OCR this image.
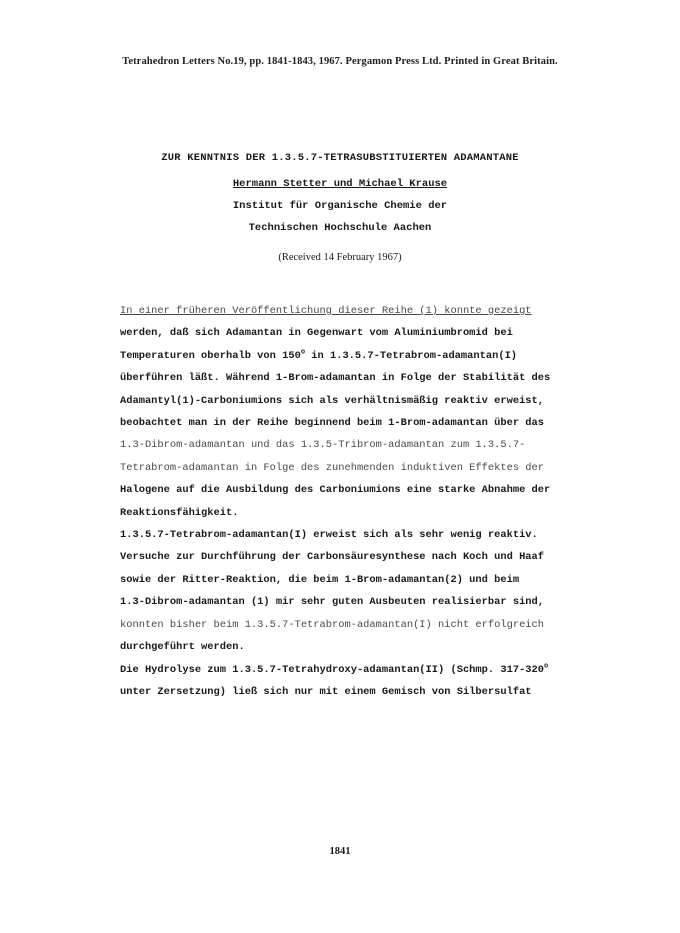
Tetrahedron Letters No.19, pp. 1841-1843, 1967. Pergamon Press Ltd. Printed in Great Britain.
ZUR KENNTNIS DER 1.3.5.7-TETRASUBSTITUIERTEN ADAMANTANE
Hermann Stetter und Michael Krause
Institut für Organische Chemie der
Technischen Hochschule Aachen
(Received 14 February 1967)
In einer früheren Veröffentlichung dieser Reihe (1) konnte gezeigt
werden, daß sich Adamantan in Gegenwart vom Aluminiumbromid bei
Temperaturen oberhalb von 150$^o$ in 1.3.5.7-Tetrabrom-adamantan(I)
überführen läßt. Während 1-Brom-adamantan in Folge der Stabilität des
Adamantyl(1)-Carboniumions sich als verhältnismäßig reaktiv erweist,
beobachtet man in der Reihe beginnend beim 1-Brom-adamantan über das
1.3-Dibrom-adamantan und das 1.3.5-Tribrom-adamantan zum 1.3.5.7-
Tetrabrom-adamantan in Folge des zunehmenden induktiven Effektes der
Halogene auf die Ausbildung des Carboniumions eine starke Abnahme der
Reaktionsfähigkeit.
1.3.5.7-Tetrabrom-adamantan(I) erweist sich als sehr wenig reaktiv.
Versuche zur Durchführung der Carbonsäuresynthese nach Koch und Haaf
sowie der Ritter-Reaktion, die beim 1-Brom-adamantan(2) und beim
1.3-Dibrom-adamantan (1) mir sehr guten Ausbeuten realisierbar sind,
konnten bisher beim 1.3.5.7-Tetrabrom-adamantan(I) nicht erfolgreich
durchgeführt werden.
Die Hydrolyse zum 1.3.5.7-Tetrahydroxy-adamantan(II) (Schmp. 317-320$^o$
unter Zersetzung) ließ sich nur mit einem Gemisch von Silbersulfat
1841
